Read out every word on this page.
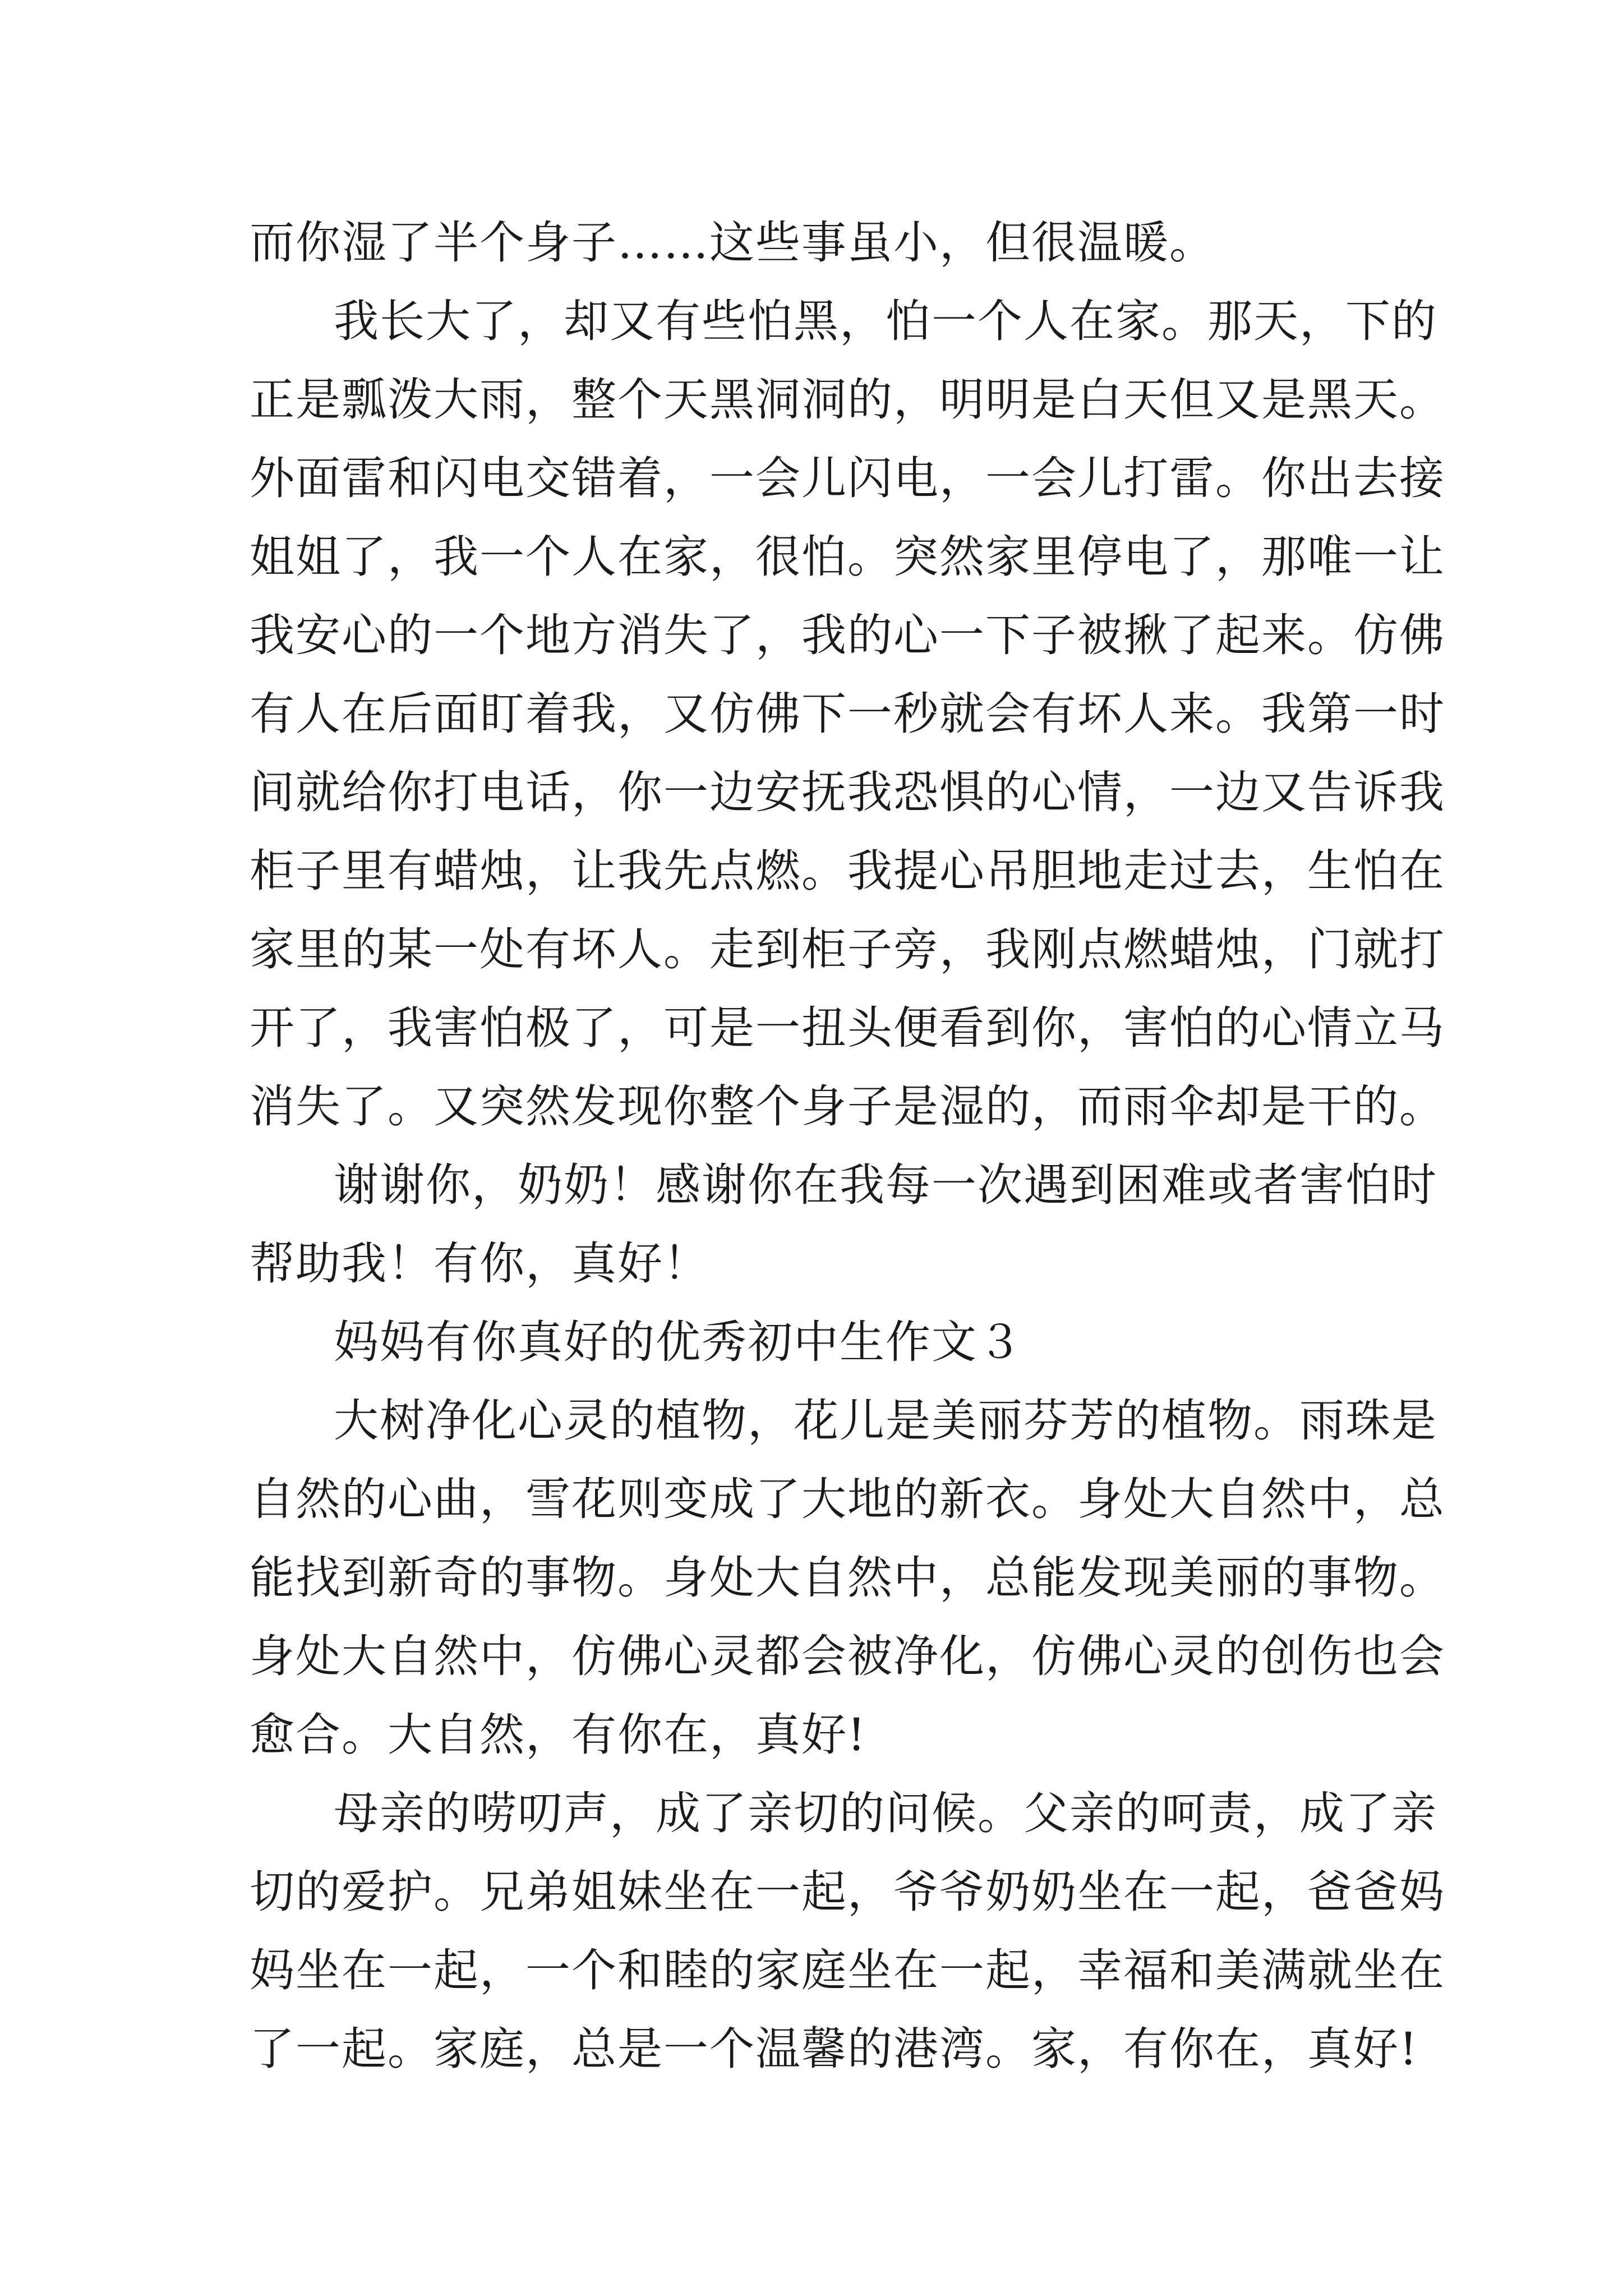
而你湿了半个身子……这些事虽小，但很温暖。
我长大了，却又有些怕黑，怕一个人在家。那天，下的
正是瓢泼大雨，整个天黑洞洞的，明明是白天但又是黑天。
外面雷和闪电交错着，一会儿闪电，一会儿打雷。你出去接
姐姐了，我一个人在家，很怕。突然家里停电了，那唯一让
我安心的一个地方消失了，我的心一下子被揪了起来。仿佛
有人在后面盯着我，又仿佛下一秒就会有坏人来。我第一时
间就给你打电话，你一边安抚我恐惧的心情，一边又告诉我
柜子里有蜡烛，让我先点燃。我提心吊胆地走过去，生怕在
家里的某一处有坏人。走到柜子旁，我刚点燃蜡烛，门就打
开了，我害怕极了，可是一扭头便看到你，害怕的心情立马
消失了。又突然发现你整个身子是湿的，而雨伞却是干的。
谢谢你，奶奶！感谢你在我每一次遇到困难或者害怕时
帮助我！有你，真好！
妈妈有你真好的优秀初中生作文３
大树净化心灵的植物，花儿是美丽芬芳的植物。雨珠是
自然的心曲，雪花则变成了大地的新衣。身处大自然中，总
能找到新奇的事物。身处大自然中，总能发现美丽的事物。
身处大自然中，仿佛心灵都会被净化，仿佛心灵的创伤也会
愈合。大自然，有你在，真好!
母亲的唠叨声，成了亲切的问候。父亲的呵责，成了亲
切的爱护。兄弟姐妹坐在一起，爷爷奶奶坐在一起，爸爸妈
妈坐在一起，一个和睦的家庭坐在一起，幸福和美满就坐在
了一起。家庭，总是一个温馨的港湾。家，有你在，真好!
